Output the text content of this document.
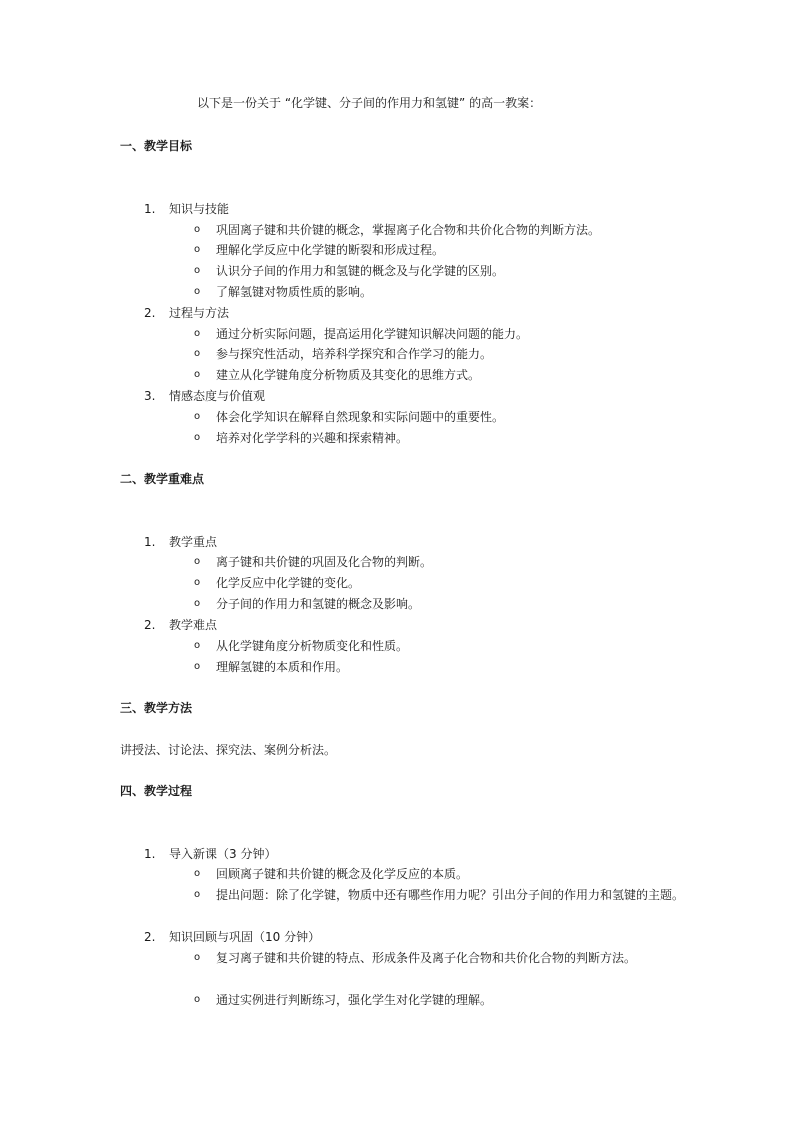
以下是一份关于 “化学键、分子间的作用力和氢键” 的高一教案：
一、教学目标
1. 知识与技能
o 巩固离子键和共价键的概念，掌握离子化合物和共价化合物的判断方法。
o 理解化学反应中化学键的断裂和形成过程。
o 认识分子间的作用力和氢键的概念及与化学键的区别。
o 了解氢键对物质性质的影响。
2. 过程与方法
o 通过分析实际问题，提高运用化学键知识解决问题的能力。
o 参与探究性活动，培养科学探究和合作学习的能力。
o 建立从化学键角度分析物质及其变化的思维方式。
3. 情感态度与价值观
o 体会化学知识在解释自然现象和实际问题中的重要性。
o 培养对化学学科的兴趣和探索精神。
二、教学重难点
1. 教学重点
o 离子键和共价键的巩固及化合物的判断。
o 化学反应中化学键的变化。
o 分子间的作用力和氢键的概念及影响。
2. 教学难点
o 从化学键角度分析物质变化和性质。
o 理解氢键的本质和作用。
三、教学方法
讲授法、讨论法、探究法、案例分析法。
四、教学过程
1. 导入新课（3 分钟）
o 回顾离子键和共价键的概念及化学反应的本质。
o 提出问题：除了化学键，物质中还有哪些作用力呢？引出分子间的作用力和氢键的主题。
2. 知识回顾与巩固（10 分钟）
o 复习离子键和共价键的特点、形成条件及离子化合物和共价化合物的判断方法。
o 通过实例进行判断练习，强化学生对化学键的理解。
